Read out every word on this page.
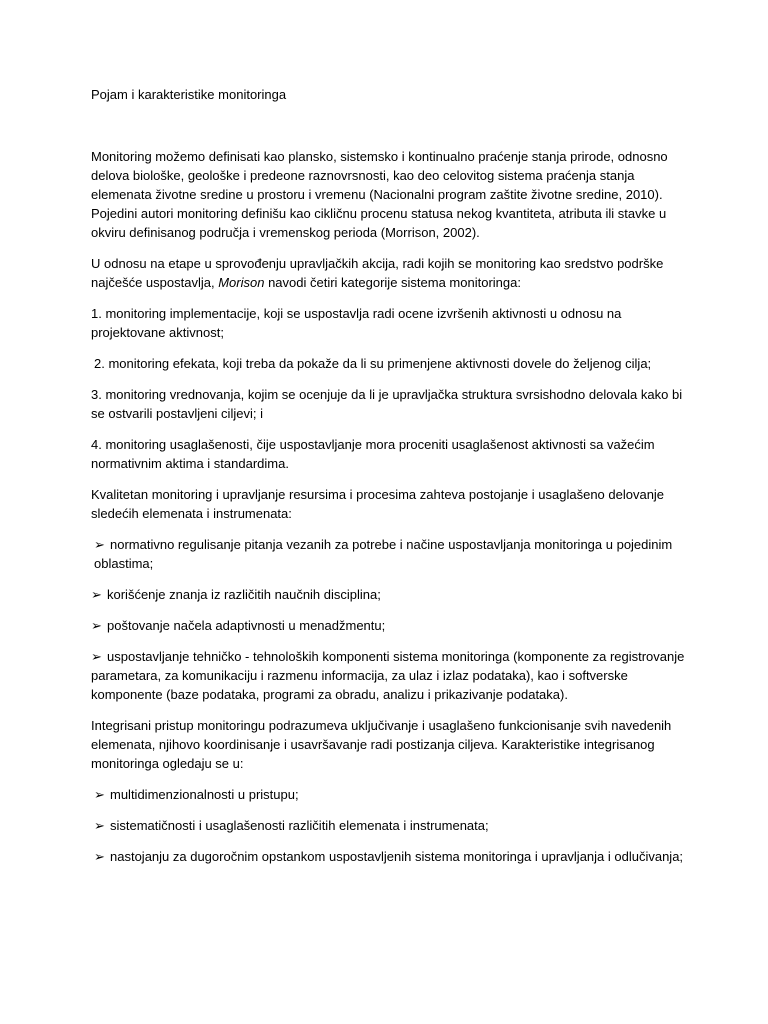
Pojam i karakteristike monitoringa

Monitoring možemo definisati kao plansko, sistemsko i kontinualno praćenje stanja prirode, odnosno delova biološke, geološke i predeone raznovrsnosti, kao deo celovitog sistema praćenja stanja elemenata životne sredine u prostoru i vremenu (Nacionalni program zaštite životne sredine, 2010). Pojedini autori monitoring definišu kao cikličnu procenu statusa nekog kvantiteta, atributa ili stavke u okviru definisanog područja i vremenskog perioda (Morrison, 2002).

U odnosu na etape u sprovođenju upravljačkih akcija, radi kojih se monitoring kao sredstvo podrške najčešće uspostavlja, Morison navodi četiri kategorije sistema monitoringa:

1. monitoring implementacije, koji se uspostavlja radi ocene izvršenih aktivnosti u odnosu na projektovane aktivnost;

2. monitoring efekata, koji treba da pokaže da li su primenjene aktivnosti dovele do željenog cilja;

3. monitoring vrednovanja, kojim se ocenjuje da li je upravljačka struktura svrsishodno delovala kako bi se ostvarili postavljeni ciljevi; i

4. monitoring usaglašenosti, čije uspostavljanje mora proceniti usaglašenost aktivnosti sa važećim normativnim aktima i standardima.

Kvalitetan monitoring i upravljanje resursima i procesima zahteva postojanje i usaglašeno delovanje sledećih elemenata i instrumenata:

➢ normativno regulisanje pitanja vezanih za potrebe i načine uspostavljanja monitoringa u pojedinim oblastima;

➢ korišćenje znanja iz različitih naučnih disciplina;

➢ poštovanje načela adaptivnosti u menadžmentu;

➢ uspostavljanje tehničko - tehnoloških komponenti sistema monitoringa (komponente za registrovanje parametara, za komunikaciju i razmenu informacija, za ulaz i izlaz podataka), kao i softverske komponente (baze podataka, programi za obradu, analizu i prikazivanje podataka).

Integrisani pristup monitoringu podrazumeva uključivanje i usaglašeno funkcionisanje svih navedenih elemenata, njihovo koordinisanje i usavršavanje radi postizanja ciljeva. Karakteristike integrisanog monitoringa ogledaju se u:

➢ multidimenzionalnosti u pristupu;

➢ sistematičnosti i usaglašenosti različitih elemenata i instrumenata;

➢ nastojanju za dugoročnim opstankom uspostavljenih sistema monitoringa i upravljanja i odlučivanja;
